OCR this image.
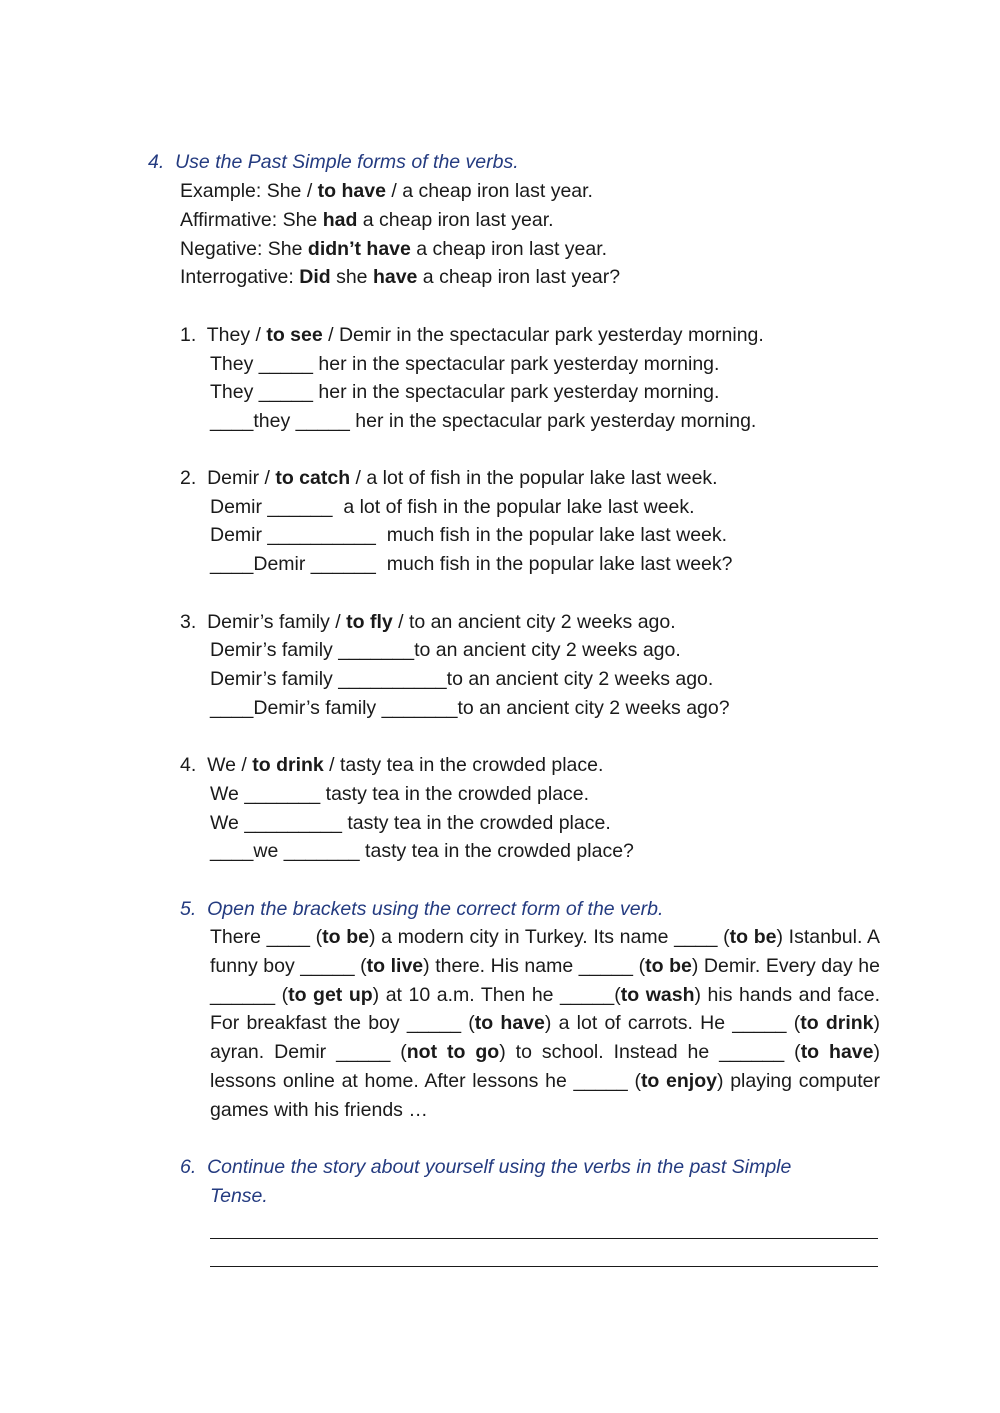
4.  Use the Past Simple forms of the verbs.
Example: She / to have / a cheap iron last year.
Affirmative: She had a cheap iron last year.
Negative: She didn’t have a cheap iron last year.
Interrogative: Did she have a cheap iron last year?
1.  They / to see / Demir in the spectacular park yesterday morning.
They _____ her in the spectacular park yesterday morning.
They _____ her in the spectacular park yesterday morning.
____they _____ her in the spectacular park yesterday morning.
2.  Demir / to catch / a lot of fish in the popular lake last week.
Demir ______  a lot of fish in the popular lake last week.
Demir __________  much fish in the popular lake last week.
____Demir ______  much fish in the popular lake last week?
3.  Demir’s family / to fly / to an ancient city 2 weeks ago.
Demir’s family _______to an ancient city 2 weeks ago.
Demir’s family __________to an ancient city 2 weeks ago.
____Demir’s family _______to an ancient city 2 weeks ago?
4.  We / to drink / tasty tea in the crowded place.
We _______ tasty tea in the crowded place.
We _________ tasty tea in the crowded place.
____we _______ tasty tea in the crowded place?
5.  Open the brackets using the correct form of the verb.
There ____ (to be) a modern city in Turkey. Its name ____ (to be) Istanbul. A funny boy _____ (to live) there. His name _____ (to be) Demir. Every day he ______ (to get up) at 10 a.m. Then he _____(to wash) his hands and face. For breakfast the boy _____ (to have) a lot of carrots. He _____ (to drink) ayran. Demir _____ (not to go) to school. Instead he ______ (to have) lessons online at home. After lessons he _____ (to enjoy) playing computer games with his friends …
6.  Continue the story about yourself using the verbs in the past Simple
Tense.
